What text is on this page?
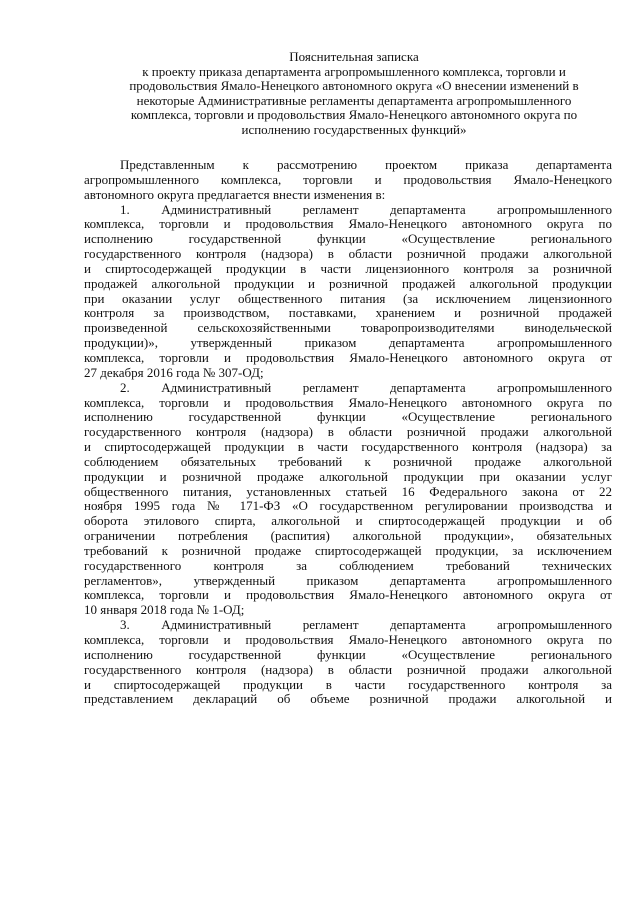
Пояснительная записка
к проекту приказа департамента агропромышленного комплекса, торговли и
продовольствия Ямало-Ненецкого автономного округа «О внесении изменений в
некоторые Административные регламенты департамента агропромышленного
комплекса, торговли и продовольствия Ямало-Ненецкого автономного округа по
исполнению государственных функций»
Представленным к рассмотрению проектом приказа департамента
агропромышленного комплекса, торговли и продовольствия Ямало-Ненецкого
автономного округа предлагается внести изменения в:
1. Административный регламент департамента агропромышленного
комплекса, торговли и продовольствия Ямало-Ненецкого автономного округа по
исполнению государственной функции «Осуществление регионального
государственного контроля (надзора) в области розничной продажи алкогольной
и спиртосодержащей продукции в части лицензионного контроля за розничной
продажей алкогольной продукции и розничной продажей алкогольной продукции
при оказании услуг общественного питания (за исключением лицензионного
контроля за производством, поставками, хранением и розничной продажей
произведенной сельскохозяйственными товаропроизводителями винодельческой
продукции)», утвержденный приказом департамента агропромышленного
комплекса, торговли и продовольствия Ямало-Ненецкого автономного округа от
27 декабря 2016 года № 307-ОД;
2. Административный регламент департамента агропромышленного
комплекса, торговли и продовольствия Ямало-Ненецкого автономного округа по
исполнению государственной функции «Осуществление регионального
государственного контроля (надзора) в области розничной продажи алкогольной
и спиртосодержащей продукции в части государственного контроля (надзора) за
соблюдением обязательных требований к розничной продаже алкогольной
продукции и розничной продаже алкогольной продукции при оказании услуг
общественного питания, установленных статьей 16 Федерального закона от 22
ноября 1995 года № 171-ФЗ «О государственном регулировании производства и
оборота этилового спирта, алкогольной и спиртосодержащей продукции и об
ограничении потребления (распития) алкогольной продукции», обязательных
требований к розничной продаже спиртосодержащей продукции, за исключением
государственного контроля за соблюдением требований технических
регламентов», утвержденный приказом департамента агропромышленного
комплекса, торговли и продовольствия Ямало-Ненецкого автономного округа от
10 января 2018 года № 1-ОД;
3. Административный регламент департамента агропромышленного
комплекса, торговли и продовольствия Ямало-Ненецкого автономного округа по
исполнению государственной функции «Осуществление регионального
государственного контроля (надзора) в области розничной продажи алкогольной
и спиртосодержащей продукции в части государственного контроля за
представлением деклараций об объеме розничной продажи алкогольной и
